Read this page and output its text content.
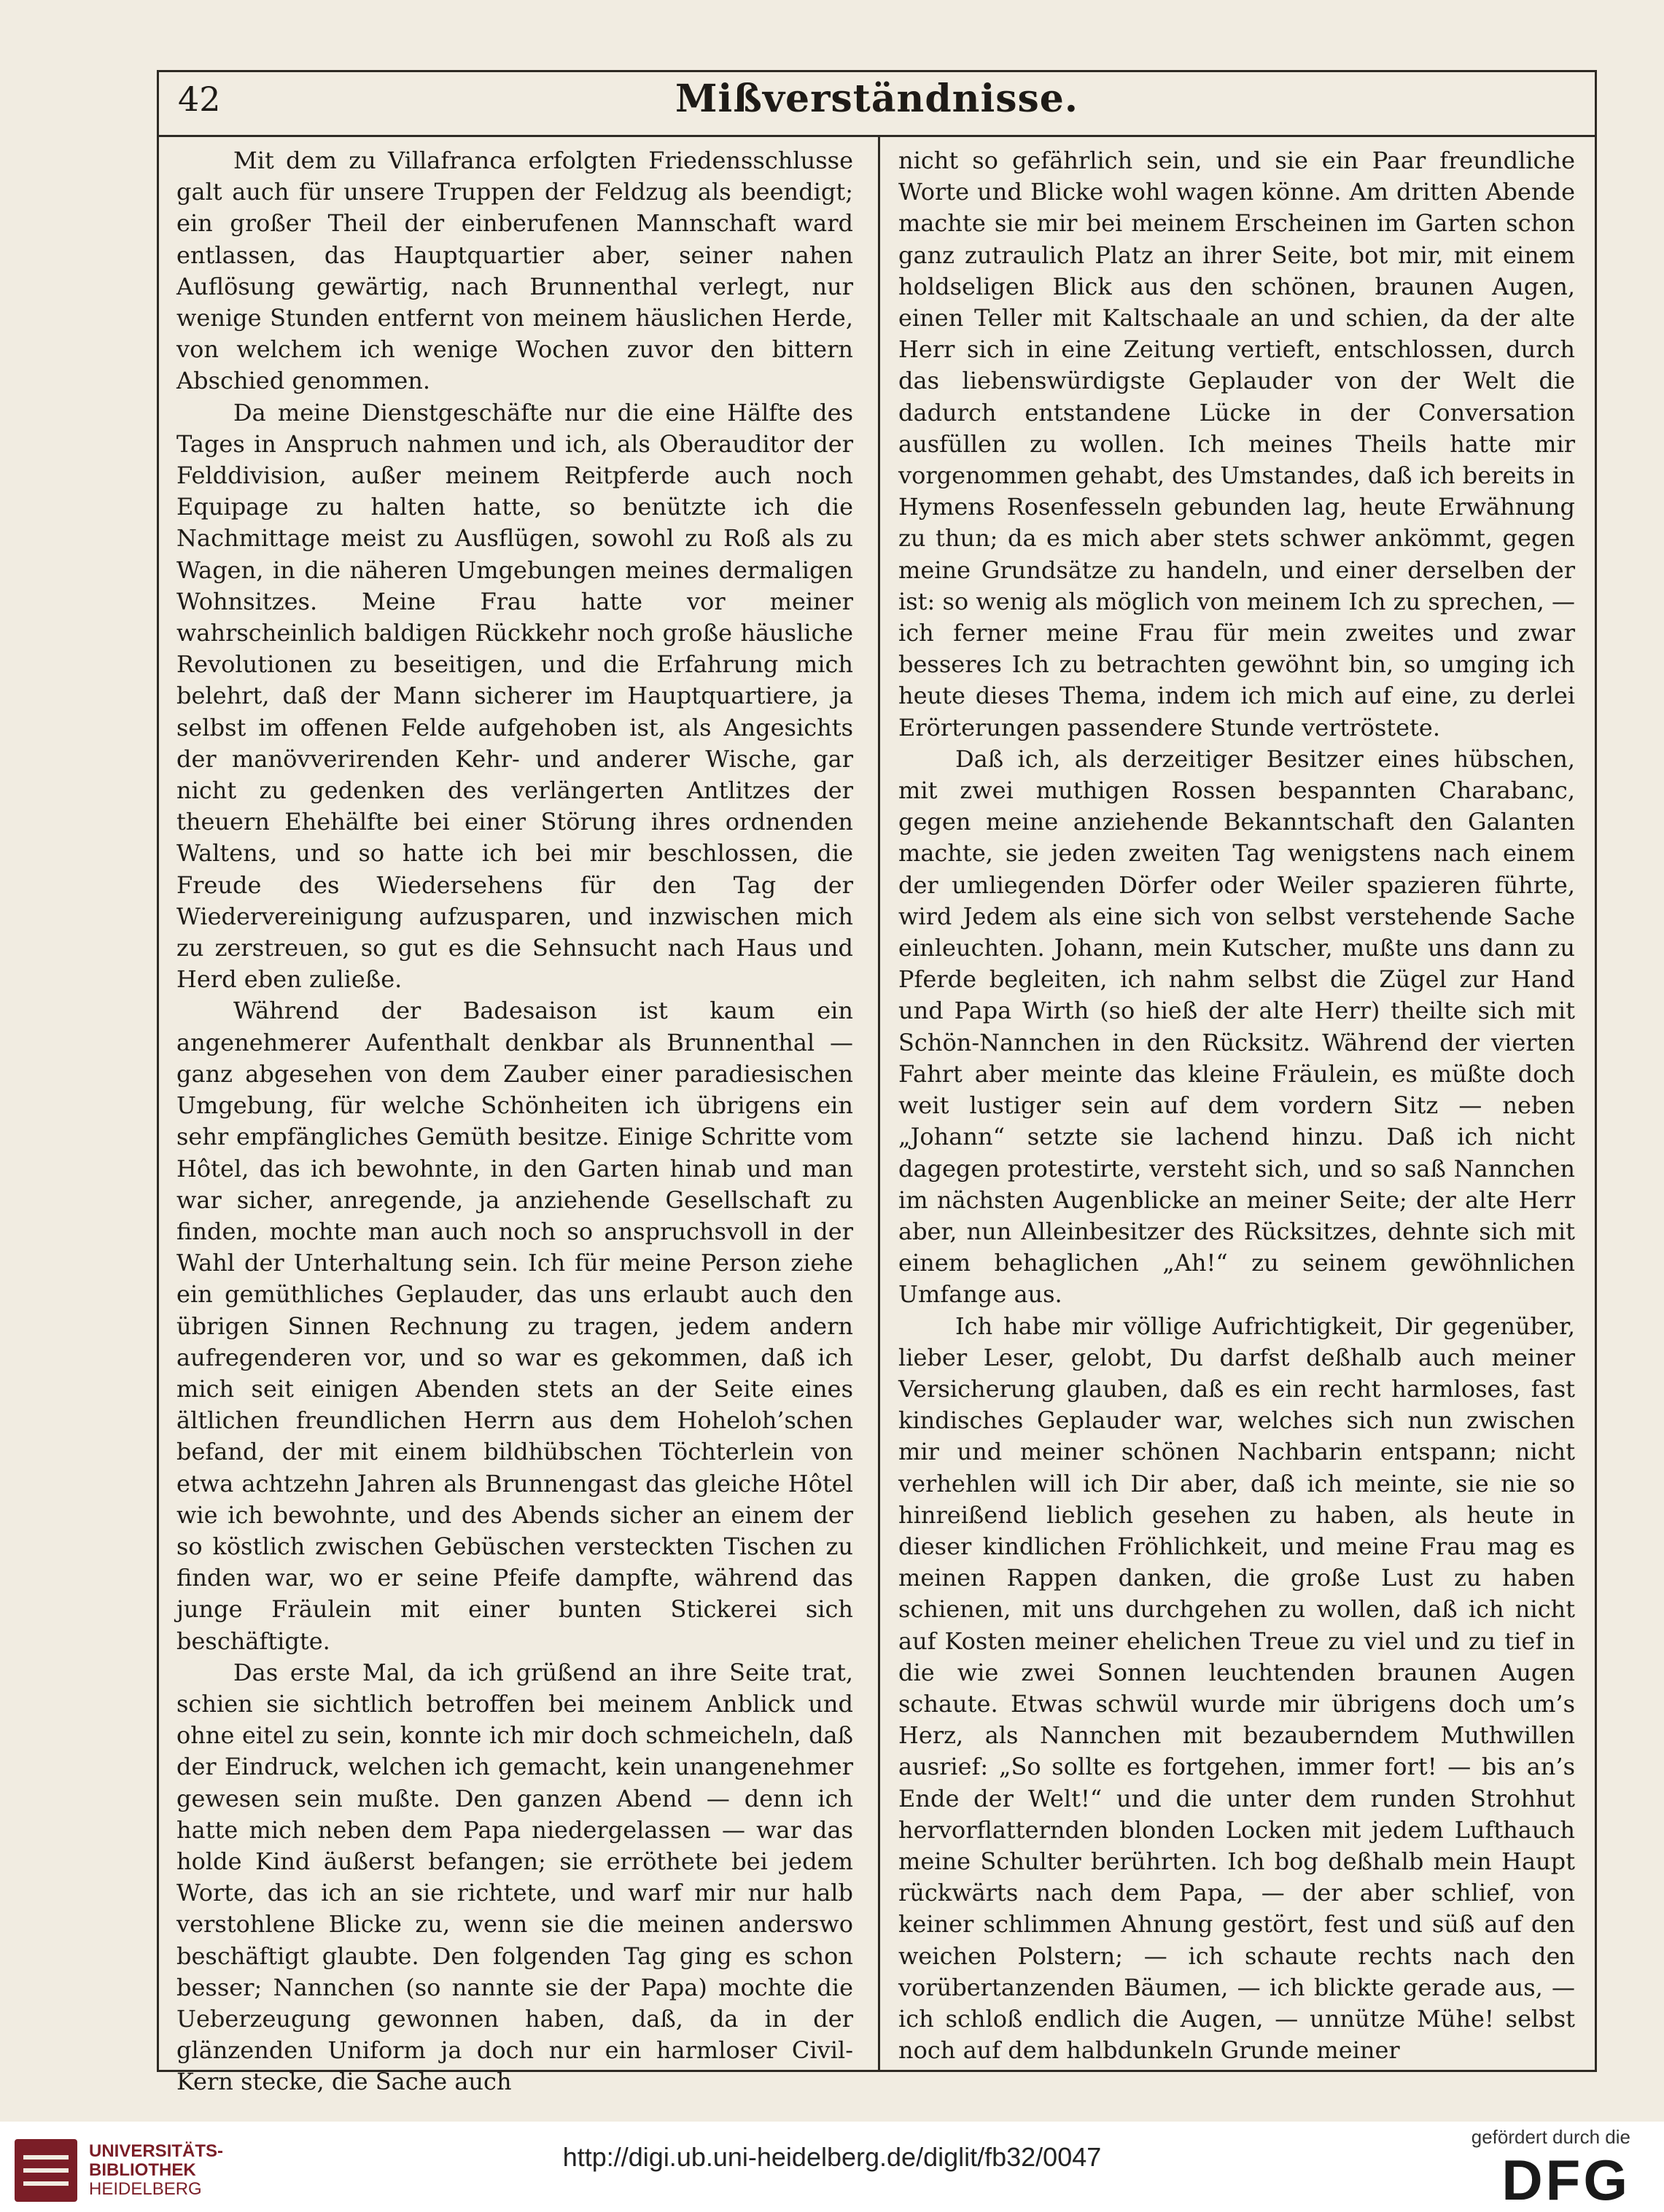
42	Mißverständnisse.

Mit dem zu Villafranca erfolgten Friedensschlusse galt auch für unsere Truppen der Feldzug als beendigt; ein großer Theil der einberufenen Mannschaft ward entlassen, das Hauptquartier aber, seiner nahen Auflösung gewärtig, nach Brunnenthal verlegt, nur wenige Stunden entfernt von meinem häuslichen Herde, von welchem ich wenige Wochen zuvor den bittern Abschied genommen.

Da meine Dienstgeschäfte nur die eine Hälfte des Tages in Anspruch nahmen und ich, als Oberauditor der Felddivision, außer meinem Reitpferde auch noch Equipage zu halten hatte, so benützte ich die Nachmittage meist zu Ausflügen, sowohl zu Roß als zu Wagen, in die näheren Umgebungen meines dermaligen Wohnsitzes. Meine Frau hatte vor meiner wahrscheinlich baldigen Rückkehr noch große häusliche Revolutionen zu beseitigen, und die Erfahrung mich belehrt, daß der Mann sicherer im Hauptquartiere, ja selbst im offenen Felde aufgehoben ist, als Angesichts der manövverirenden Kehr- und anderer Wische, gar nicht zu gedenken des verlängerten Antlitzes der theuern Ehehälfte bei einer Störung ihres ordnenden Waltens, und so hatte ich bei mir beschlossen, die Freude des Wiedersehens für den Tag der Wiedervereinigung aufzusparen, und inzwischen mich zu zerstreuen, so gut es die Sehnsucht nach Haus und Herd eben zuließe.

Während der Badesaison ist kaum ein angenehmerer Aufenthalt denkbar als Brunnenthal — ganz abgesehen von dem Zauber einer paradiesischen Umgebung, für welche Schönheiten ich übrigens ein sehr empfängliches Gemüth besitze. Einige Schritte vom Hôtel, das ich bewohnte, in den Garten hinab und man war sicher, anregende, ja anziehende Gesellschaft zu finden, mochte man auch noch so anspruchsvoll in der Wahl der Unterhaltung sein. Ich für meine Person ziehe ein gemüthliches Geplauder, das uns erlaubt auch den übrigen Sinnen Rechnung zu tragen, jedem andern aufregenderen vor, und so war es gekommen, daß ich mich seit einigen Abenden stets an der Seite eines ältlichen freundlichen Herrn aus dem Hoheloh’schen befand, der mit einem bildhübschen Töchterlein von etwa achtzehn Jahren als Brunnengast das gleiche Hôtel wie ich bewohnte, und des Abends sicher an einem der so köstlich zwischen Gebüschen versteckten Tischen zu finden war, wo er seine Pfeife dampfte, während das junge Fräulein mit einer bunten Stickerei sich beschäftigte.

Das erste Mal, da ich grüßend an ihre Seite trat, schien sie sichtlich betroffen bei meinem Anblick und ohne eitel zu sein, konnte ich mir doch schmeicheln, daß der Eindruck, welchen ich gemacht, kein unangenehmer gewesen sein mußte. Den ganzen Abend — denn ich hatte mich neben dem Papa niedergelassen — war das holde Kind äußerst befangen; sie erröthete bei jedem Worte, das ich an sie richtete, und warf mir nur halb verstohlene Blicke zu, wenn sie die meinen anderswo beschäftigt glaubte. Den folgenden Tag ging es schon besser; Nannchen (so nannte sie der Papa) mochte die Ueberzeugung gewonnen haben, daß, da in der glänzenden Uniform ja doch nur ein harmloser Civil-Kern stecke, die Sache auch

nicht so gefährlich sein, und sie ein Paar freundliche Worte und Blicke wohl wagen könne. Am dritten Abende machte sie mir bei meinem Erscheinen im Garten schon ganz zutraulich Platz an ihrer Seite, bot mir, mit einem holdseligen Blick aus den schönen, braunen Augen, einen Teller mit Kaltschaale an und schien, da der alte Herr sich in eine Zeitung vertieft, entschlossen, durch das liebenswürdigste Geplauder von der Welt die dadurch entstandene Lücke in der Conversation ausfüllen zu wollen. Ich meines Theils hatte mir vorgenommen gehabt, des Umstandes, daß ich bereits in Hymens Rosenfesseln gebunden lag, heute Erwähnung zu thun; da es mich aber stets schwer ankömmt, gegen meine Grundsätze zu handeln, und einer derselben der ist: so wenig als möglich von meinem Ich zu sprechen, — ich ferner meine Frau für mein zweites und zwar besseres Ich zu betrachten gewöhnt bin, so umging ich heute dieses Thema, indem ich mich auf eine, zu derlei Erörterungen passendere Stunde vertröstete.

Daß ich, als derzeitiger Besitzer eines hübschen, mit zwei muthigen Rossen bespannten Charabanc, gegen meine anziehende Bekanntschaft den Galanten machte, sie jeden zweiten Tag wenigstens nach einem der umliegenden Dörfer oder Weiler spazieren führte, wird Jedem als eine sich von selbst verstehende Sache einleuchten. Johann, mein Kutscher, mußte uns dann zu Pferde begleiten, ich nahm selbst die Zügel zur Hand und Papa Wirth (so hieß der alte Herr) theilte sich mit Schön-Nannchen in den Rücksitz. Während der vierten Fahrt aber meinte das kleine Fräulein, es müßte doch weit lustiger sein auf dem vordern Sitz — neben „Johann“ setzte sie lachend hinzu. Daß ich nicht dagegen protestirte, versteht sich, und so saß Nannchen im nächsten Augenblicke an meiner Seite; der alte Herr aber, nun Alleinbesitzer des Rücksitzes, dehnte sich mit einem behaglichen „Ah!“ zu seinem gewöhnlichen Umfange aus.

Ich habe mir völlige Aufrichtigkeit, Dir gegenüber, lieber Leser, gelobt, Du darfst deßhalb auch meiner Versicherung glauben, daß es ein recht harmloses, fast kindisches Geplauder war, welches sich nun zwischen mir und meiner schönen Nachbarin entspann; nicht verhehlen will ich Dir aber, daß ich meinte, sie nie so hinreißend lieblich gesehen zu haben, als heute in dieser kindlichen Fröhlichkeit, und meine Frau mag es meinen Rappen danken, die große Lust zu haben schienen, mit uns durchgehen zu wollen, daß ich nicht auf Kosten meiner ehelichen Treue zu viel und zu tief in die wie zwei Sonnen leuchtenden braunen Augen schaute. Etwas schwül wurde mir übrigens doch um’s Herz, als Nannchen mit bezauberndem Muthwillen ausrief: „So sollte es fortgehen, immer fort! — bis an’s Ende der Welt!“ und die unter dem runden Strohhut hervorflatternden blonden Locken mit jedem Lufthauch meine Schulter berührten. Ich bog deßhalb mein Haupt rückwärts nach dem Papa, — der aber schlief, von keiner schlimmen Ahnung gestört, fest und süß auf den weichen Polstern; — ich schaute rechts nach den vorübertanzenden Bäumen, — ich blickte gerade aus, — ich schloß endlich die Augen, — unnütze Mühe! selbst noch auf dem halbdunkeln Grunde meiner

UNIVERSITÄTS-
BIBLIOTHEK
HEIDELBERG
http://digi.ub.uni-heidelberg.de/diglit/fb32/0047
gefördert durch die
DFG
